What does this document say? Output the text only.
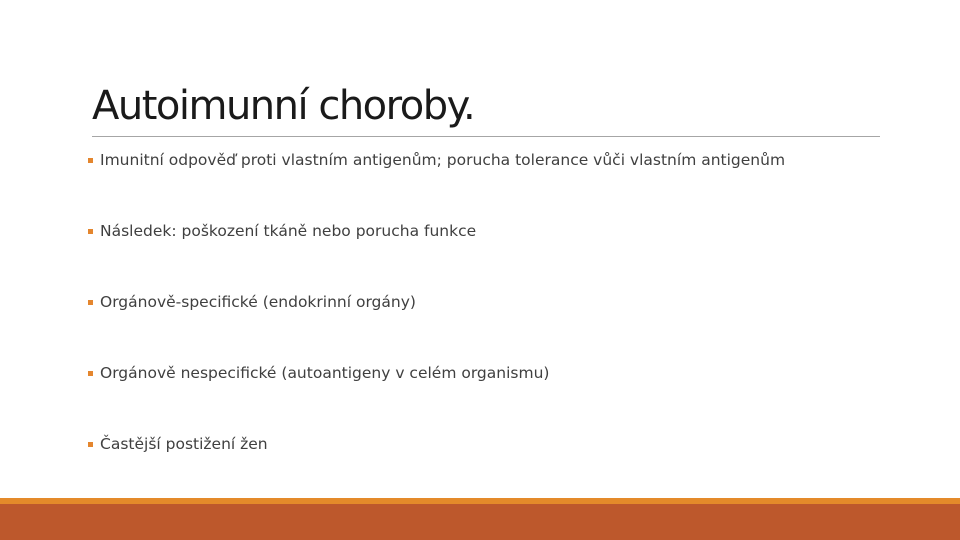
Autoimunní choroby.
Imunitní odpověď proti vlastním antigenům; porucha tolerance vůči vlastním antigenům
Následek: poškození tkáně nebo porucha funkce
Orgánově-specifické (endokrinní orgány)
Orgánově nespecifické (autoantigeny v celém organismu)
Častější postižení žen
